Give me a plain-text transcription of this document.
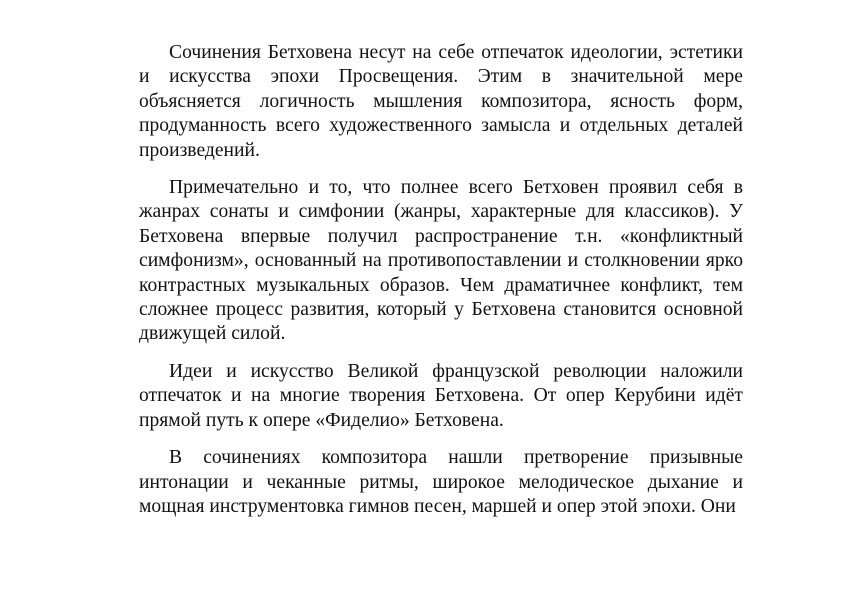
Сочинения Бетховена несут на себе отпечаток идеологии, эстетики и искусства эпохи Просвещения. Этим в значительной мере объясняется логичность мышления композитора, ясность форм, продуманность всего художественного замысла и отдельных деталей произведений.

Примечательно и то, что полнее всего Бетховен проявил себя в жанрах сонаты и симфонии (жанры, характерные для классиков). У Бетховена впервые получил распространение т.н. «конфликтный симфонизм», основанный на противопоставлении и столкновении ярко контрастных музыкальных образов. Чем драматичнее конфликт, тем сложнее процесс развития, который у Бетховена становится основной движущей силой.

Идеи и искусство Великой французской революции наложили отпечаток и на многие творения Бетховена. От опер Керубини идёт прямой путь к опере «Фиделио» Бетховена.

В сочинениях композитора нашли претворение призывные интонации и чеканные ритмы, широкое мелодическое дыхание и мощная инструментовка гимнов песен, маршей и опер этой эпохи. Они
